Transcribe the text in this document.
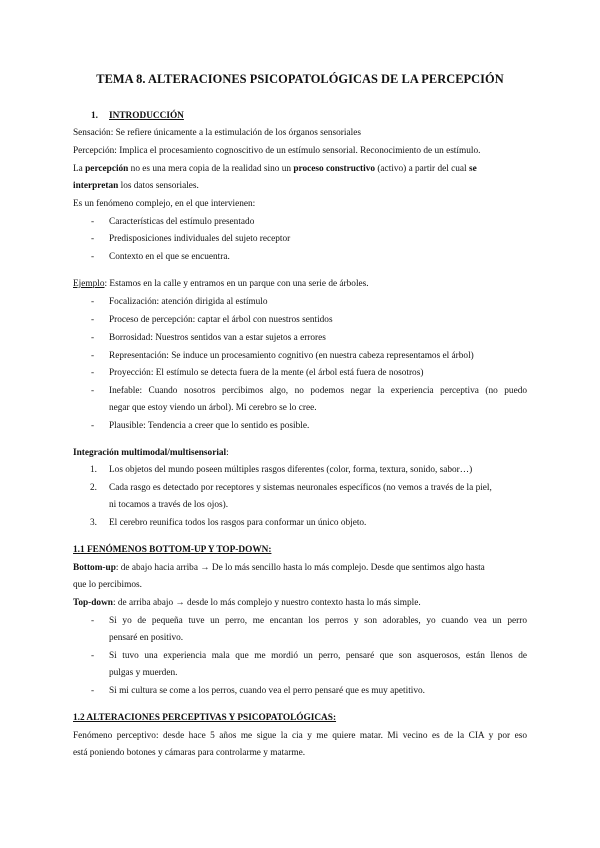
TEMA 8. ALTERACIONES PSICOPATOLÓGICAS DE LA PERCEPCIÓN
1. INTRODUCCIÓN
Sensación: Se refiere únicamente a la estimulación de los órganos sensoriales
Percepción: Implica el procesamiento cognoscitivo de un estímulo sensorial. Reconocimiento de un estímulo.
La percepción no es una mera copia de la realidad sino un proceso constructivo (activo) a partir del cual se
interpretan los datos sensoriales.
Es un fenómeno complejo, en el que intervienen:
- Características del estímulo presentado
- Predisposiciones individuales del sujeto receptor
- Contexto en el que se encuentra.
Ejemplo: Estamos en la calle y entramos en un parque con una serie de árboles.
- Focalización: atención dirigida al estímulo
- Proceso de percepción: captar el árbol con nuestros sentidos
- Borrosidad: Nuestros sentidos van a estar sujetos a errores
- Representación: Se induce un procesamiento cognitivo (en nuestra cabeza representamos el árbol)
- Proyección: El estímulo se detecta fuera de la mente (el árbol está fuera de nosotros)
- Inefable: Cuando nosotros percibimos algo, no podemos negar la experiencia perceptiva (no puedo
negar que estoy viendo un árbol). Mi cerebro se lo cree.
- Plausible: Tendencia a creer que lo sentido es posible.
Integración multimodal/multisensorial:
1. Los objetos del mundo poseen múltiples rasgos diferentes (color, forma, textura, sonido, sabor…)
2. Cada rasgo es detectado por receptores y sistemas neuronales específicos (no vemos a través de la piel,
ni tocamos a través de los ojos).
3. El cerebro reunifica todos los rasgos para conformar un único objeto.
1.1 FENÓMENOS BOTTOM-UP Y TOP-DOWN:
Bottom-up: de abajo hacia arriba → De lo más sencillo hasta lo más complejo. Desde que sentimos algo hasta
que lo percibimos.
Top-down: de arriba abajo → desde lo más complejo y nuestro contexto hasta lo más simple.
- Si yo de pequeña tuve un perro, me encantan los perros y son adorables, yo cuando vea un perro
pensaré en positivo.
- Si tuvo una experiencia mala que me mordió un perro, pensaré que son asquerosos, están llenos de
pulgas y muerden.
- Si mi cultura se come a los perros, cuando vea el perro pensaré que es muy apetitivo.
1.2 ALTERACIONES PERCEPTIVAS Y PSICOPATOLÓGICAS:
Fenómeno perceptivo: desde hace 5 años me sigue la cia y me quiere matar. Mi vecino es de la CIA y por eso
está poniendo botones y cámaras para controlarme y matarme.
